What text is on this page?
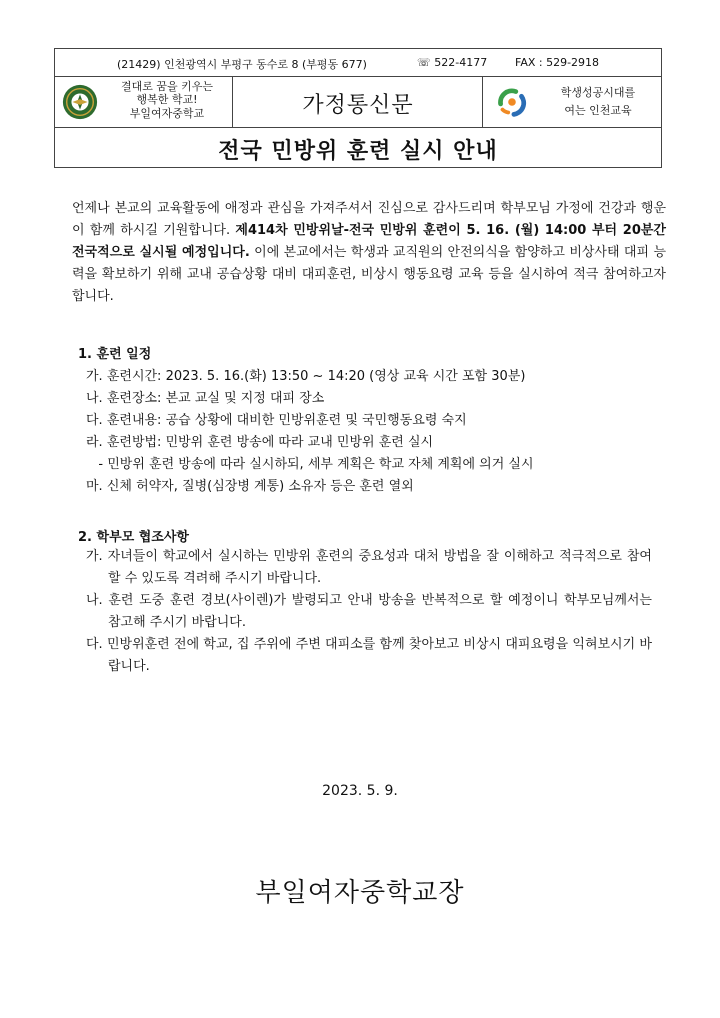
(21429) 인천광역시 부평구 동수로 8 (부평동 677)	☏ 522-4177	FAX : 529-2918
결대로 꿈을 키우는
행복한 학교!
부일여자중학교	가정통신문
학생성공시대를
여는 인천교육
전국 민방위 훈련 실시 안내
언제나 본교의 교육활동에 애정과 관심을 가져주셔서 진심으로 감사드리며 학부모님 가정에 건강과 행운이 함께 하시길 기원합니다. 제414차 민방위날-전국 민방위 훈련이 5. 16. (월) 14:00 부터 20분간 전국적으로 실시될 예정입니다. 이에 본교에서는 학생과 교직원의 안전의식을 함양하고 비상사태 대피 능력을 확보하기 위해 교내 공습상황 대비 대피훈련, 비상시 행동요령 교육 등을 실시하여 적극 참여하고자 합니다.
1. 훈련 일정
가. 훈련시간: 2023. 5. 16.(화) 13:50 ~ 14:20 (영상 교육 시간 포함 30분)
나. 훈련장소: 본교 교실 및 지정 대피 장소
다. 훈련내용: 공습 상황에 대비한 민방위훈련 및 국민행동요령 숙지
라. 훈련방법: 민방위 훈련 방송에 따라 교내 민방위 훈련 실시
- 민방위 훈련 방송에 따라 실시하되, 세부 계획은 학교 자체 계획에 의거 실시
마. 신체 허약자, 질병(심장병 계통) 소유자 등은 훈련 열외
2. 학부모 협조사항
가. 자녀들이 학교에서 실시하는 민방위 훈련의 중요성과 대처 방법을 잘 이해하고 적극적으로 참여할 수 있도록 격려해 주시기 바랍니다.
나. 훈련 도중 훈련 경보(사이렌)가 발령되고 안내 방송을 반복적으로 할 예정이니 학부모님께서는 참고해 주시기 바랍니다.
다. 민방위훈련 전에 학교, 집 주위에 주변 대피소를 함께 찾아보고 비상시 대피요령을 익혀보시기 바랍니다.
2023. 5. 9.
부일여자중학교장
